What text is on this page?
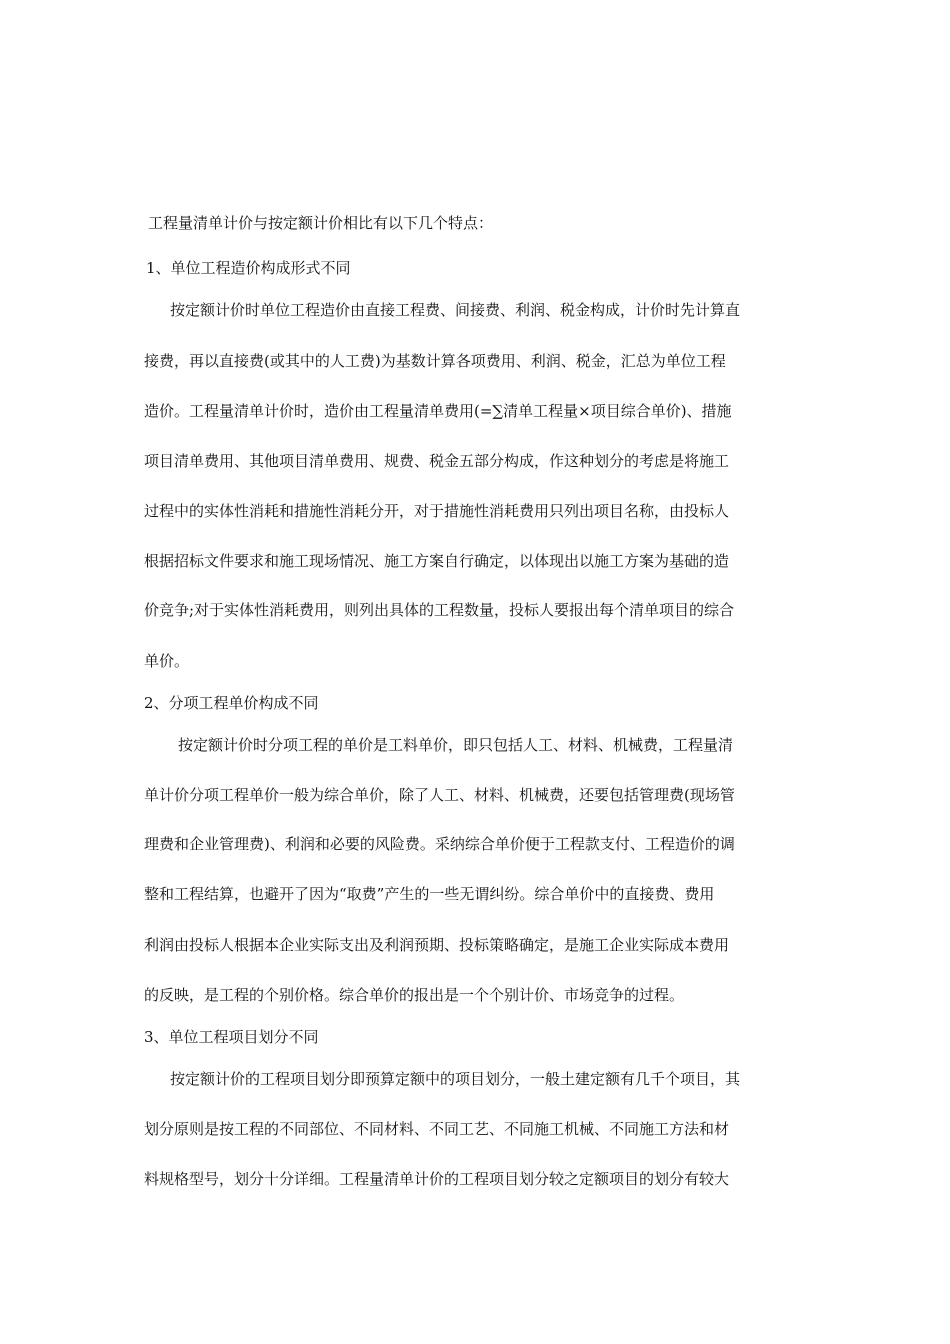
工程量清单计价与按定额计价相比有以下几个特点：
1、单位工程造价构成形式不同
按定额计价时单位工程造价由直接工程费、间接费、利润、税金构成，计价时先计算直
接费，再以直接费(或其中的人工费)为基数计算各项费用、利润、税金，汇总为单位工程
造价。工程量清单计价时，造价由工程量清单费用(=∑清单工程量×项目综合单价)、措施
项目清单费用、其他项目清单费用、规费、税金五部分构成，作这种划分的考虑是将施工
过程中的实体性消耗和措施性消耗分开，对于措施性消耗费用只列出项目名称，由投标人
根据招标文件要求和施工现场情况、施工方案自行确定，以体现出以施工方案为基础的造
价竞争;对于实体性消耗费用，则列出具体的工程数量，投标人要报出每个清单项目的综合
单价。
2、分项工程单价构成不同
按定额计价时分项工程的单价是工料单价，即只包括人工、材料、机械费，工程量清
单计价分项工程单价一般为综合单价，除了人工、材料、机械费，还要包括管理费(现场管
理费和企业管理费)、利润和必要的风险费。采纳综合单价便于工程款支付、工程造价的调
整和工程结算，也避开了因为“取费”产生的一些无谓纠纷。综合单价中的直接费、费用
利润由投标人根据本企业实际支出及利润预期、投标策略确定，是施工企业实际成本费用
的反映，是工程的个别价格。综合单价的报出是一个个别计价、市场竞争的过程。
3、单位工程项目划分不同
按定额计价的工程项目划分即预算定额中的项目划分，一般土建定额有几千个项目，其
划分原则是按工程的不同部位、不同材料、不同工艺、不同施工机械、不同施工方法和材
料规格型号，划分十分详细。工程量清单计价的工程项目划分较之定额项目的划分有较大
